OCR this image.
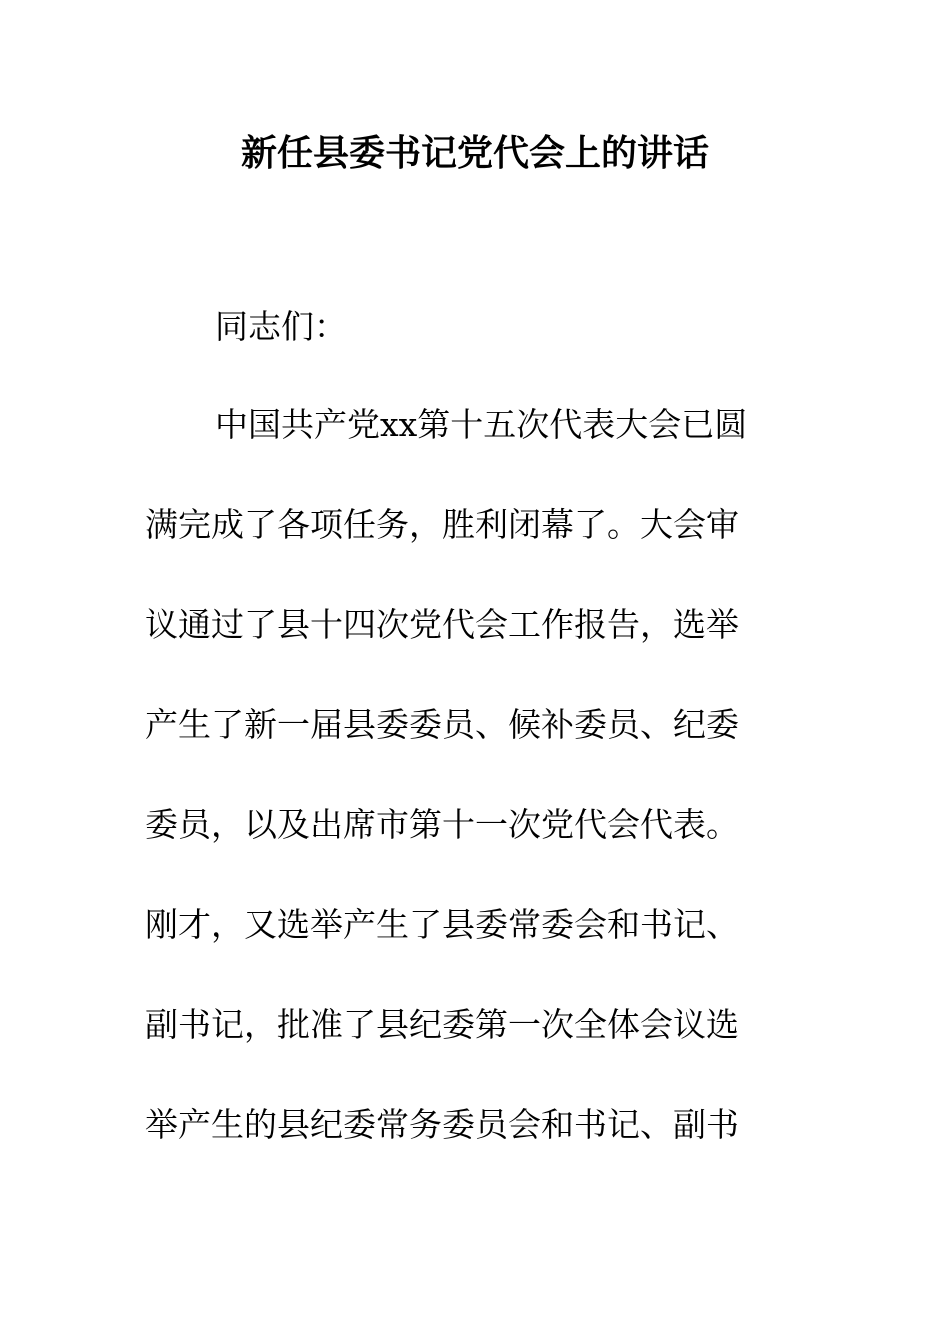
新任县委书记党代会上的讲话
同志们：
中国共产党xx第十五次代表大会已圆
满完成了各项任务，胜利闭幕了。大会审
议通过了县十四次党代会工作报告，选举
产生了新一届县委委员、候补委员、纪委
委员，以及出席市第十一次党代会代表。
刚才，又选举产生了县委常委会和书记、
副书记，批准了县纪委第一次全体会议选
举产生的县纪委常务委员会和书记、副书
